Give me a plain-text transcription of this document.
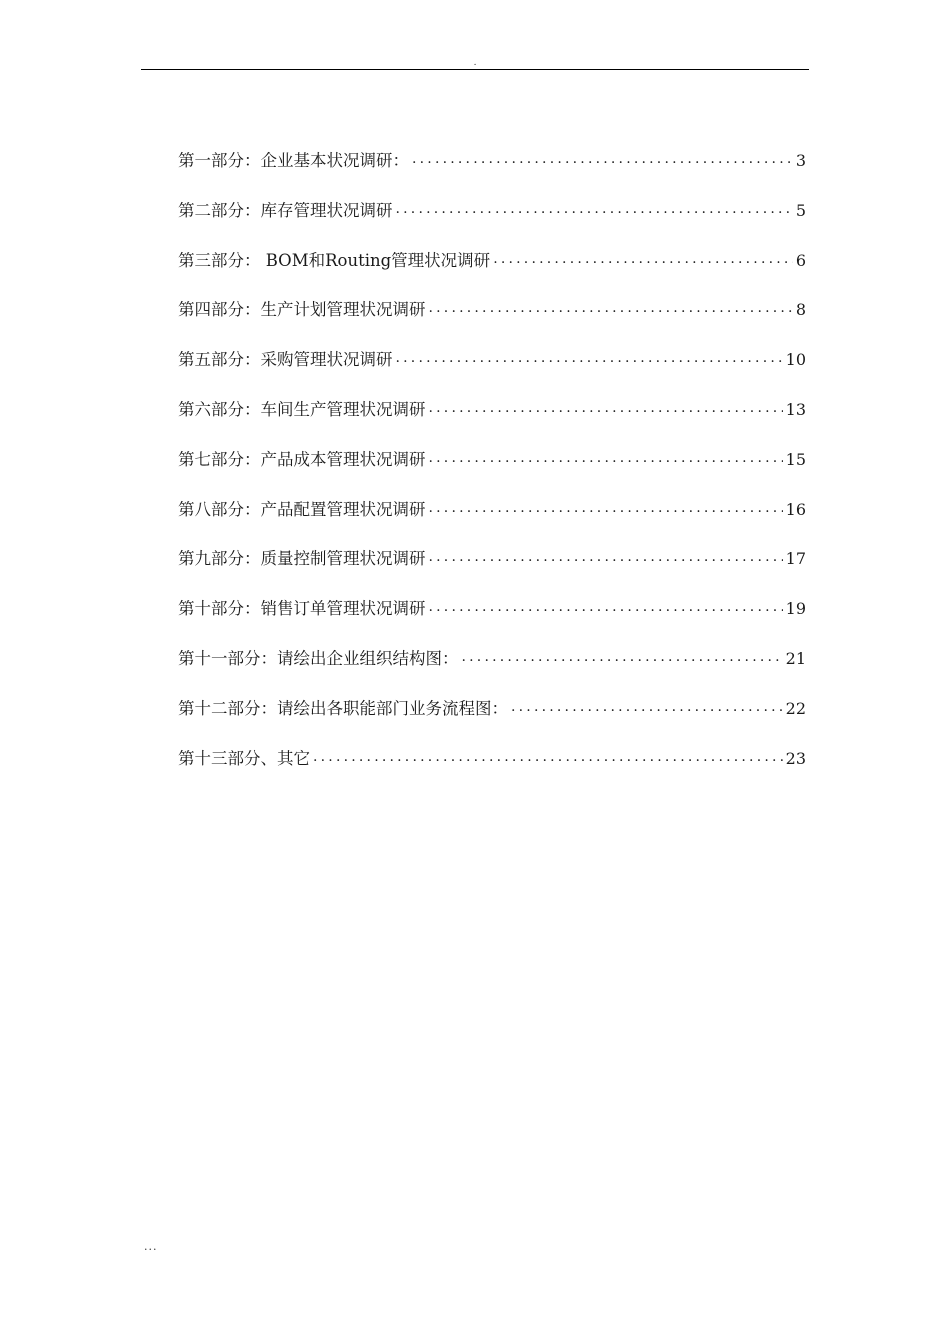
.
第一部分：企业基本状况调研： .....	3
第二部分：库存管理状况调研 .....	5
第三部分： BOM和Routing管理状况调研 .....	6
第四部分：生产计划管理状况调研 .....	8
第五部分：采购管理状况调研 .....	10
第六部分：车间生产管理状况调研 .....	13
第七部分：产品成本管理状况调研 .....	15
第八部分：产品配置管理状况调研 .....	16
第九部分：质量控制管理状况调研 .....	17
第十部分：销售订单管理状况调研 .....	19
第十一部分：请绘出企业组织结构图： .....	21
第十二部分：请绘出各职能部门业务流程图： .....	22
第十三部分、其它 .....	23
...
